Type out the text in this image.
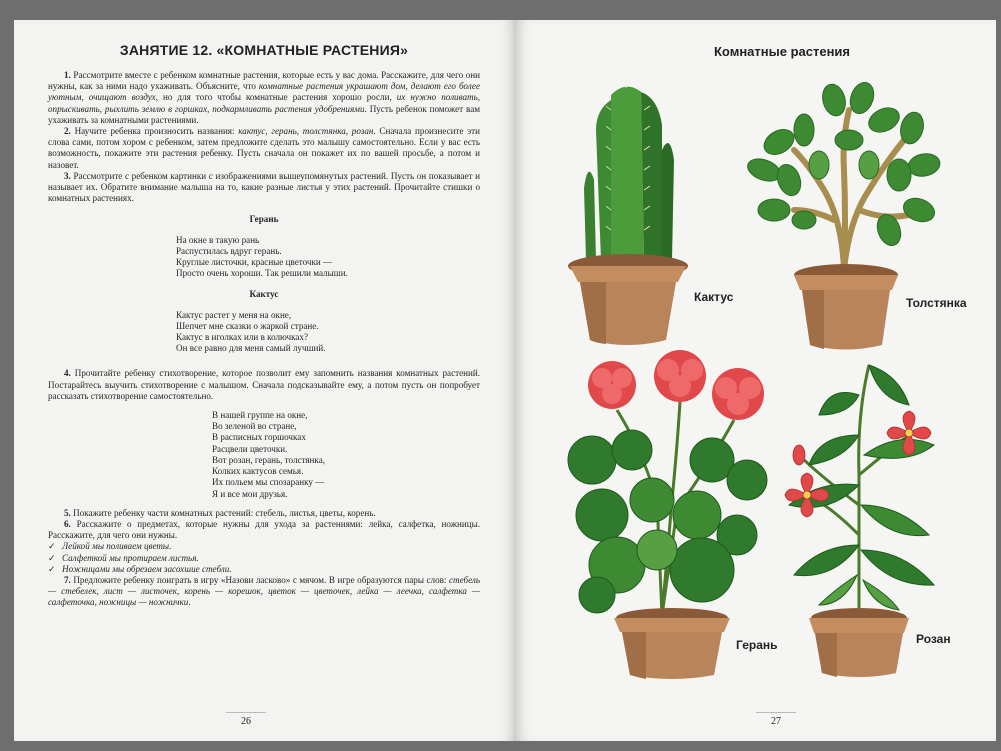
ЗАНЯТИЕ 12. «КОМНАТНЫЕ РАСТЕНИЯ»

1. Рассмотрите вместе с ребенком комнатные растения, которые есть у вас дома. Расскажите, для чего они нужны, как за ними надо ухаживать. Объясните, что комнатные растения украшают дом, делают его более уютным, очищают воздух, но для того чтобы комнатные растения хорошо росли, их нужно поливать, опрыскивать, рыхлить землю в горшках, подкармливать растения удобрениями. Пусть ребенок поможет вам ухаживать за комнатными растениями.

2. Научите ребенка произносить названия: кактус, герань, толстянка, розан. Сначала произнесите эти слова сами, потом хором с ребенком, затем предложите сделать это малышу самостоятельно. Если у вас есть возможность, покажите эти растения ребенку. Пусть сначала он покажет их по вашей просьбе, а потом и назовет.

3. Рассмотрите с ребенком картинки с изображениями вышеупомянутых растений. Пусть он показывает и называет их. Обратите внимание малыша на то, какие разные листья у этих растений. Прочитайте стишки о комнатных растениях.

Герань
На окне в такую рань
Распустилась вдруг герань.
Круглые листочки, красные цветочки —
Просто очень хороши. Так решили малыши.
Кактус
Кактус растет у меня на окне,
Шепчет мне сказки о жаркой стране.
Кактус в иголках или в колючках?
Он все равно для меня самый лучший.

4. Прочитайте ребенку стихотворение, которое позволит ему запомнить названия комнатных растений. Постарайтесь выучить стихотворение с малышом. Сначала подсказывайте ему, а потом пусть он попробует рассказать стихотворение самостоятельно.

В нашей группе на окне,
Во зеленой во стране,
В расписных горшочках
Расцвели цветочки.
Вот розан, герань, толстянка,
Колких кактусов семья.
Их польем мы спозаранку —
Я и все мои друзья.

5. Покажите ребенку части комнатных растений: стебель, листья, цветы, корень.

6. Расскажите о предметах, которые нужны для ухода за растениями: лейка, салфетка, ножницы. Расскажите, для чего они нужны.

✓ Лейкой мы поливаем цветы.
✓ Салфеткой мы протираем листья.
✓ Ножницами мы обрезаем засохшие стебли.

7. Предложите ребенку поиграть в игру «Назови ласково» с мячом. В игре образуются пары слов: стебель — стебелек, лист — листочек, корень — корешок, цветок — цветочек, лейка — леечка, салфетка — салфеточка, ножницы — ножнички.

26
Комнатные растения
Кактус	Толстянка
Герань	Розан
27
